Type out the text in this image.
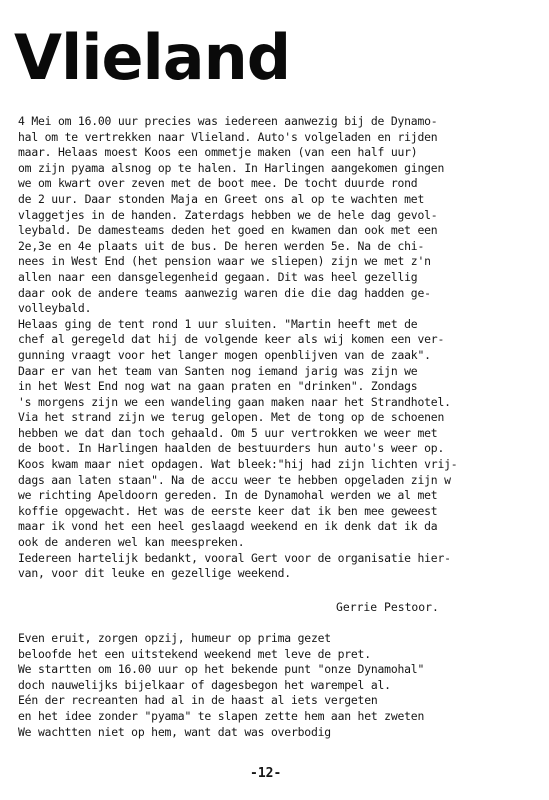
Vlieland
4 Mei om 16.00 uur precies was iedereen aanwezig bij de Dynamo-
hal om te vertrekken naar Vlieland. Auto's volgeladen en rijden
maar. Helaas moest Koos een ommetje maken (van een half uur)
om zijn pyama alsnog op te halen. In Harlingen aangekomen gingen
we om kwart over zeven met de boot mee. De tocht duurde rond
de 2 uur. Daar stonden Maja en Greet ons al op te wachten met
vlaggetjes in de handen. Zaterdags hebben we de hele dag gevol-
leybald. De damesteams deden het goed en kwamen dan ook met een
2e,3e en 4e plaats uit de bus. De heren werden 5e. Na de chi-
nees in West End (het pension waar we sliepen) zijn we met z'n
allen naar een dansgelegenheid gegaan. Dit was heel gezellig
daar ook de andere teams aanwezig waren die die dag hadden ge-
volleybald.
Helaas ging de tent rond 1 uur sluiten. "Martin heeft met de
chef al geregeld dat hij de volgende keer als wij komen een ver-
gunning vraagt voor het langer mogen openblijven van de zaak".
Daar er van het team van Santen nog iemand jarig was zijn we
in het West End nog wat na gaan praten en "drinken". Zondags
's morgens zijn we een wandeling gaan maken naar het Strandhotel.
Via het strand zijn we terug gelopen. Met de tong op de schoenen
hebben we dat dan toch gehaald. Om 5 uur vertrokken we weer met
de boot. In Harlingen haalden de bestuurders hun auto's weer op.
Koos kwam maar niet opdagen. Wat bleek:"hij had zijn lichten vrij-
dags aan laten staan". Na de accu weer te hebben opgeladen zijn w
we richting Apeldoorn gereden. In de Dynamohal werden we al met
koffie opgewacht. Het was de eerste keer dat ik ben mee geweest
maar ik vond het een heel geslaagd weekend en ik denk dat ik da
ook de anderen wel kan meespreken.
Iedereen hartelijk bedankt, vooral Gert voor de organisatie hier-
van, voor dit leuke en gezellige weekend.
Gerrie Pestoor.
Even eruit, zorgen opzij, humeur op prima gezet
beloofde het een uitstekend weekend met leve de pret.
We startten om 16.00 uur op het bekende punt "onze Dynamohal"
doch nauwelijks bijelkaar of dagesbegon het warempel al.
Eén der recreanten had al in de haast al iets vergeten
en het idee zonder "pyama" te slapen zette hem aan het zweten
We wachtten niet op hem, want dat was overbodig
-12-
